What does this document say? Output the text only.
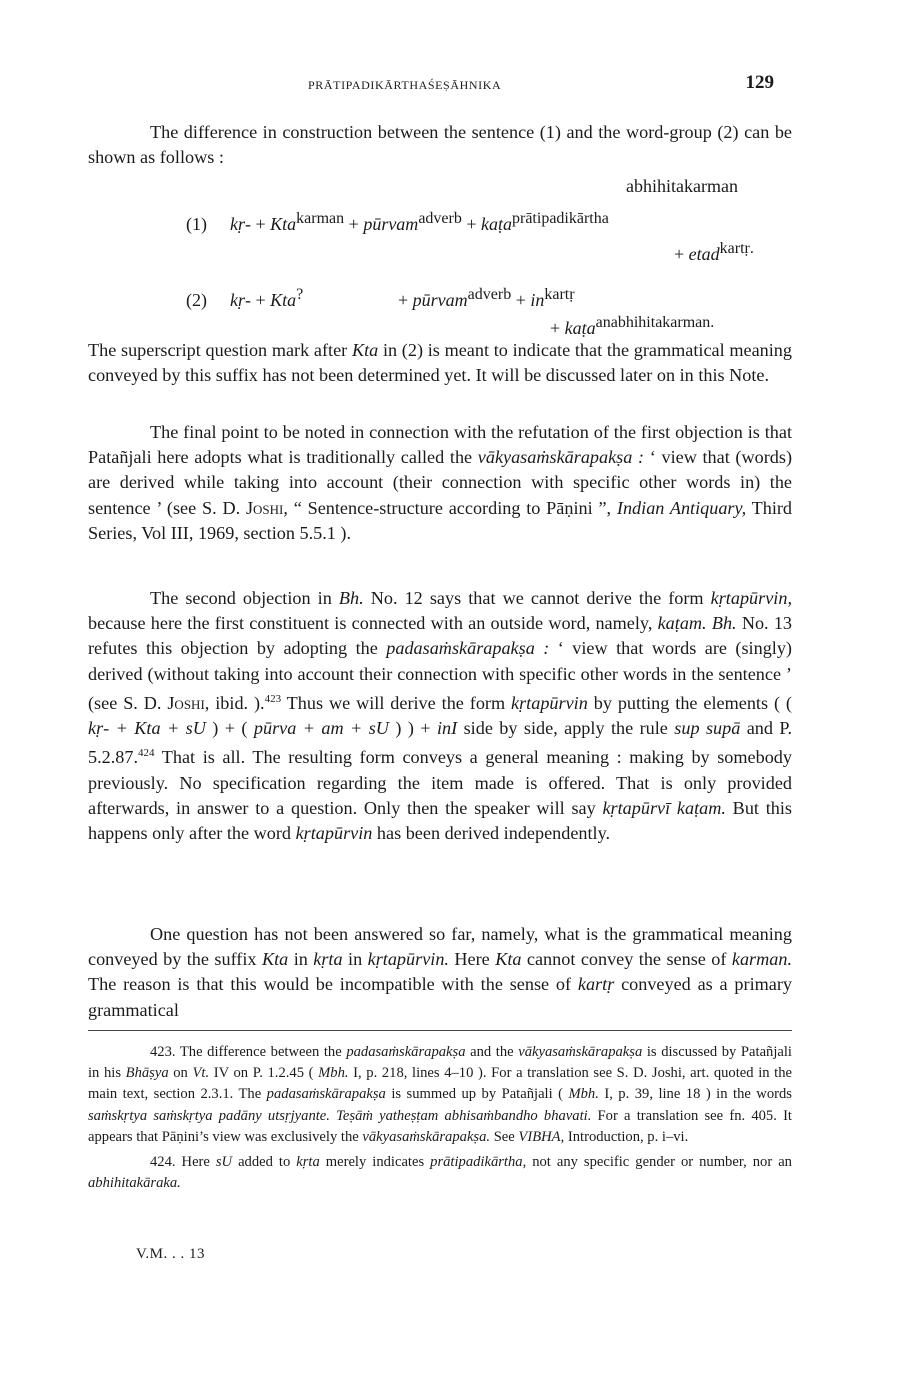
PRĀTIPADIKĀRTHAŚEṢĀHNIKA	129

The difference in construction between the sentence (1) and the word-group (2) can be shown as follows :

abhihitakarman
(1) kṛ- + Kta$^{karman}$ + pūrvam$^{adverb}$ + kaṭa$^{prātipadikārtha}$
+ etad$^{kartṛ.}$
(2) kṛ- + Kta?	+ pūrvam$^{adverb}$ + $in^{kartṛ}$
+ kaṭa$^{anabhihitakarman.}$

The superscript question mark after Kta in (2) is meant to indicate that the grammatical meaning conveyed by this suffix has not been determined yet. It will be discussed later on in this Note.

The final point to be noted in connection with the refutation of the first objection is that Patañjali here adopts what is traditionally called the vākyasaṁskārapakṣa : ‘ view that (words) are derived while taking into account (their connection with specific other words in) the sentence ’ (see S. D. Joshi, “ Sentence-structure according to Pāṇini ”, Indian Antiquary, Third Series, Vol III, 1969, section 5.5.1 ).

The second objection in Bh. No. 12 says that we cannot derive the form kṛtapūrvin, because here the first constituent is connected with an outside word, namely, kaṭam. Bh. No. 13 refutes this objection by adopting the padasaṁskārapakṣa : ‘ view that words are (singly) derived (without taking into account their connection with specific other words in the sentence ’ (see S. D. Joshi, ibid. ).$^{423}$ Thus we will derive the form kṛtapūrvin by putting the elements ( ( kṛ- + Kta + sU ) + ( pūrva + am + sU ) ) + inI side by side, apply the rule sup supā and P. 5.2.87.$^{424}$ That is all. The resulting form conveys a general meaning : making by somebody previously. No specification regarding the item made is offered. That is only provided afterwards, in answer to a question. Only then the speaker will say kṛtapūrvī kaṭam. But this happens only after the word kṛtapūrvin has been derived independently.

One question has not been answered so far, namely, what is the grammatical meaning conveyed by the suffix Kta in kṛta in kṛtapūrvin. Here Kta cannot convey the sense of karman. The reason is that this would be incompatible with the sense of kartṛ conveyed as a primary grammatical

423. The difference between the padasaṁskārapakṣa and the vākyasaṁskārapakṣa is discussed by Patañjali in his Bhāṣya on Vt. IV on P. 1.2.45 ( Mbh. I, p. 218, lines 4–10 ). For a translation see S. D. Joshi, art. quoted in the main text, section 2.3.1. The padasaṁskārapakṣa is summed up by Patañjali ( Mbh. I, p. 39, line 18 ) in the words saṁskṛtya saṁskṛtya padāny utsṛjyante. Teṣāṁ yatheṣṭam abhisaṁbandho bhavati. For a translation see fn. 405. It appears that Pāṇini’s view was exclusively the vākyasaṁskārapakṣa. See VIBHA, Introduction, p. i–vi.

424. Here sU added to kṛta merely indicates prātipadikārtha, not any specific gender or number, nor an abhihitakāraka.

V.M. . . 13
